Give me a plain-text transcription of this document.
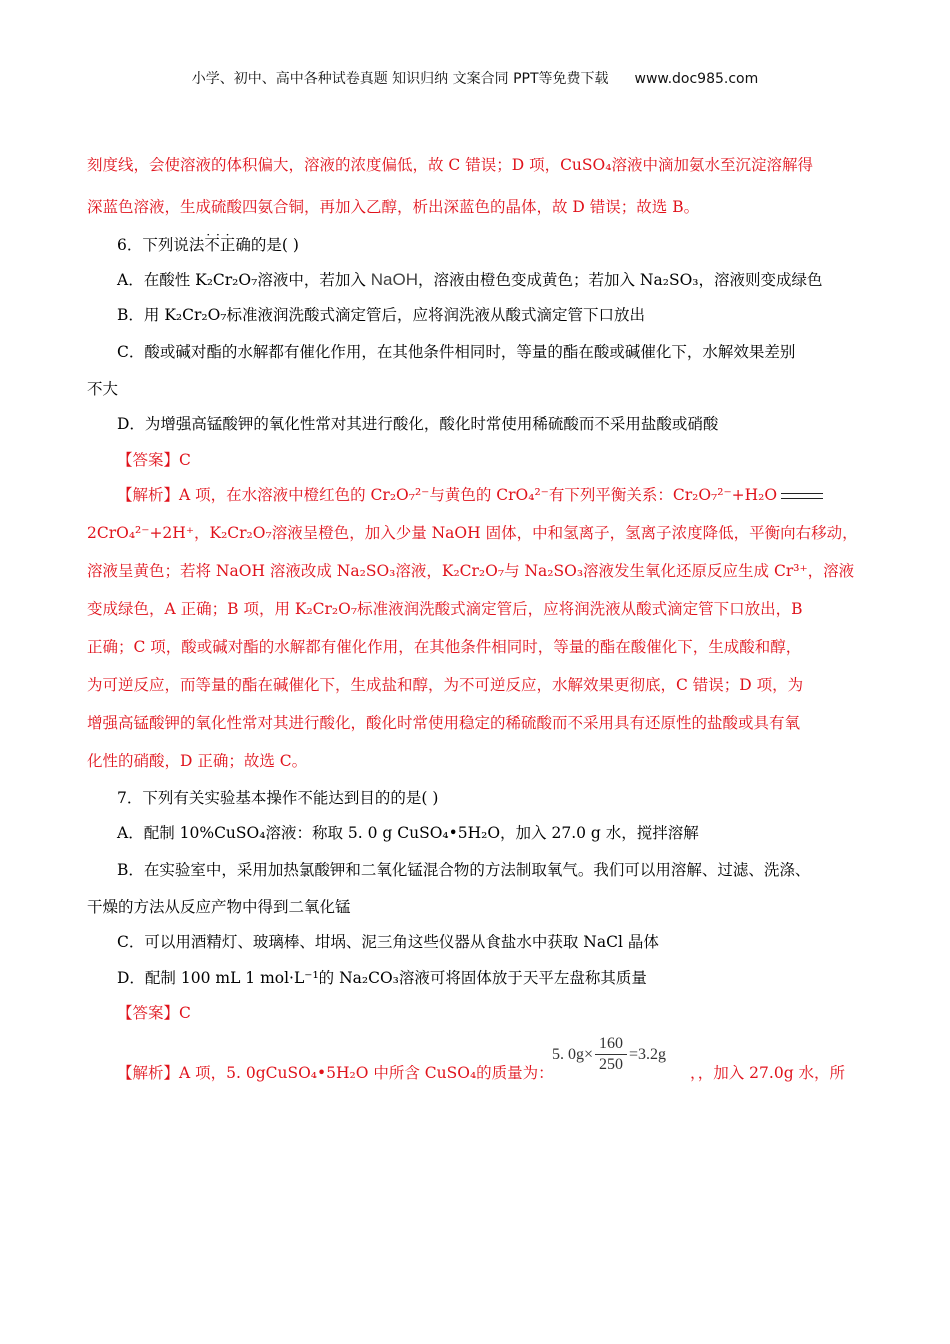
小学、初中、高中各种试卷真题 知识归纳 文案合同 PPT等免费下载 www.doc985.com
刻度线，会使溶液的体积偏大，溶液的浓度偏低，故 C 错误；D 项，CuSO₄溶液中滴加氨水至沉淀溶解得
深蓝色溶液，生成硫酸四氨合铜，再加入乙醇，析出深蓝色的晶体，故 D 错误；故选 B。
6．下列说法· · · 不正确的是( )
A．在酸性 K₂Cr₂O₇溶液中，若加入 NaOH，溶液由橙色变成黄色；若加入 Na₂SO₃，溶液则变成绿色
B．用 K₂Cr₂O₇标准液润洗酸式滴定管后，应将润洗液从酸式滴定管下口放出
C．酸或碱对酯的水解都有催化作用，在其他条件相同时，等量的酯在酸或碱催化下，水解效果差别
不大
D．为增强高锰酸钾的氧化性常对其进行酸化，酸化时常使用稀硫酸而不采用盐酸或硝酸
【答案】C
【解析】A 项，在水溶液中橙红色的 Cr₂O₇²⁻与黄色的 CrO₄²⁻有下列平衡关系：Cr₂O₇²⁻+H₂O
2CrO₄²⁻+2H⁺，K₂Cr₂O₇溶液呈橙色，加入少量 NaOH 固体，中和氢离子，氢离子浓度降低，平衡向右移动，
溶液呈黄色；若将 NaOH 溶液改成 Na₂SO₃溶液，K₂Cr₂O₇与 Na₂SO₃溶液发生氧化还原反应生成 Cr³⁺，溶液
变成绿色，A 正确；B 项，用 K₂Cr₂O₇标准液润洗酸式滴定管后，应将润洗液从酸式滴定管下口放出，B
正确；C 项，酸或碱对酯的水解都有催化作用，在其他条件相同时，等量的酯在酸催化下，生成酸和醇，
为可逆反应，而等量的酯在碱催化下，生成盐和醇，为不可逆反应，水解效果更彻底，C 错误；D 项，为
增强高锰酸钾的氧化性常对其进行酸化，酸化时常使用稳定的稀硫酸而不采用具有还原性的盐酸或具有氧
化性的硝酸，D 正确；故选 C。
7．下列有关实验基本操作不能达到目的的是( )
A．配制 10%CuSO₄溶液：称取 5. 0 g CuSO₄•5H₂O，加入 27.0 g 水，搅拌溶解
B．在实验室中，采用加热氯酸钾和二氧化锰混合物的方法制取氧气。我们可以用溶解、过滤、洗涤、
干燥的方法从反应产物中得到二氧化锰
C．可以用酒精灯、玻璃棒、坩埚、泥三角这些仪器从食盐水中获取 NaCl 晶体
D．配制 100 mL 1 mol·L⁻¹的 Na₂CO₃溶液可将固体放于天平左盘称其质量
【答案】C
【解析】A 项，5. 0gCuSO₄•5H₂O 中所含 CuSO₄的质量为：
5. $0g\times \frac{160}{250} =3.2g$
，，加入 27.0g 水，所
